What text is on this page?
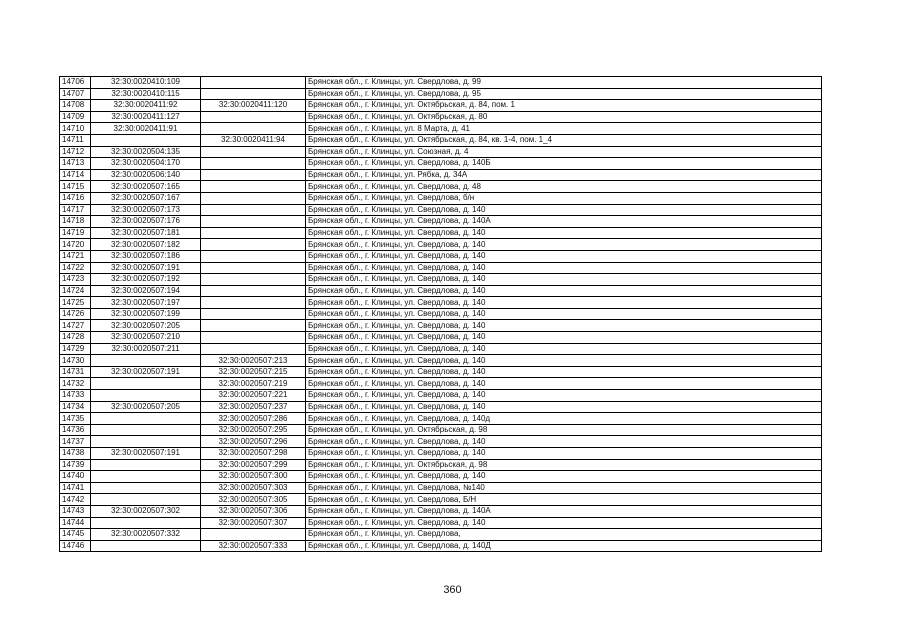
14706	32:30:0020410:109		Брянская обл., г. Клинцы, ул. Свердлова, д. 99
14707	32:30:0020410:115		Брянская обл., г. Клинцы, ул. Свердлова, д. 95
14708	32:30:0020411:92	32:30:0020411:120	Брянская обл., г. Клинцы, ул. Октябрьская, д. 84, пом. 1
14709	32:30:0020411:127		Брянская обл., г. Клинцы, ул. Октябрьская, д. 80
14710	32:30:0020411:91		Брянская обл., г. Клинцы, ул. 8 Марта, д. 41
14711		32:30:0020411:94	Брянская обл., г. Клинцы, ул. Октябрьская, д. 84, кв. 1-4, пом. 1_4
14712	32:30:0020504:135		Брянская обл., г. Клинцы, ул. Союзная, д. 4
14713	32:30:0020504:170		Брянская обл., г. Клинцы, ул. Свердлова, д. 140Б
14714	32:30:0020506:140		Брянская обл., г. Клинцы, ул. Рябка, д. 34А
14715	32:30:0020507:165		Брянская обл., г. Клинцы, ул. Свердлова, д. 48
14716	32:30:0020507:167		Брянская обл., г. Клинцы, ул. Свердлова, б/н
14717	32:30:0020507:173		Брянская обл., г. Клинцы, ул. Свердлова, д. 140
14718	32:30:0020507:176		Брянская обл., г. Клинцы, ул. Свердлова, д. 140А
14719	32:30:0020507:181		Брянская обл., г. Клинцы, ул. Свердлова, д. 140
14720	32:30:0020507:182		Брянская обл., г. Клинцы, ул. Свердлова, д. 140
14721	32:30:0020507:186		Брянская обл., г. Клинцы, ул. Свердлова, д. 140
14722	32:30:0020507:191		Брянская обл., г. Клинцы, ул. Свердлова, д. 140
14723	32:30:0020507:192		Брянская обл., г. Клинцы, ул. Свердлова, д. 140
14724	32:30:0020507:194		Брянская обл., г. Клинцы, ул. Свердлова, д. 140
14725	32:30:0020507:197		Брянская обл., г. Клинцы, ул. Свердлова, д. 140
14726	32:30:0020507:199		Брянская обл., г. Клинцы, ул. Свердлова, д. 140
14727	32:30:0020507:205		Брянская обл., г. Клинцы, ул. Свердлова, д. 140
14728	32:30:0020507:210		Брянская обл., г. Клинцы, ул. Свердлова, д. 140
14729	32:30:0020507:211		Брянская обл., г. Клинцы, ул. Свердлова, д. 140
14730		32:30:0020507:213	Брянская обл., г. Клинцы, ул. Свердлова, д. 140
14731	32:30:0020507:191	32:30:0020507:215	Брянская обл., г. Клинцы, ул. Свердлова, д. 140
14732		32:30:0020507:219	Брянская обл., г. Клинцы, ул. Свердлова, д. 140
14733		32:30:0020507:221	Брянская обл., г. Клинцы, ул. Свердлова, д. 140
14734	32:30:0020507:205	32:30:0020507:237	Брянская обл., г. Клинцы, ул. Свердлова, д. 140
14735		32:30:0020507:286	Брянская обл., г. Клинцы, ул. Свердлова, д. 140д
14736		32:30:0020507:295	Брянская обл., г. Клинцы, ул. Октябрьская, д. 98
14737		32:30:0020507:296	Брянская обл., г. Клинцы, ул. Свердлова, д. 140
14738	32:30:0020507:191	32:30:0020507:298	Брянская обл., г. Клинцы, ул. Свердлова, д. 140
14739		32:30:0020507:299	Брянская обл., г. Клинцы, ул. Октябрьская, д. 98
14740		32:30:0020507:300	Брянская обл., г. Клинцы, ул. Свердлова, д. 140
14741		32:30:0020507:303	Брянская обл., г. Клинцы, ул. Свердлова, №140
14742		32:30:0020507:305	Брянская обл., г. Клинцы, ул. Свердлова, Б/Н
14743	32:30:0020507:302	32:30:0020507:306	Брянская обл., г. Клинцы, ул. Свердлова, д. 140А
14744		32:30:0020507:307	Брянская обл., г. Клинцы, ул. Свердлова, д. 140
14745	32:30:0020507:332		Брянская обл., г. Клинцы, ул. Свердлова,
14746		32:30:0020507:333	Брянская обл., г. Клинцы, ул. Свердлова, д. 140Д
360
